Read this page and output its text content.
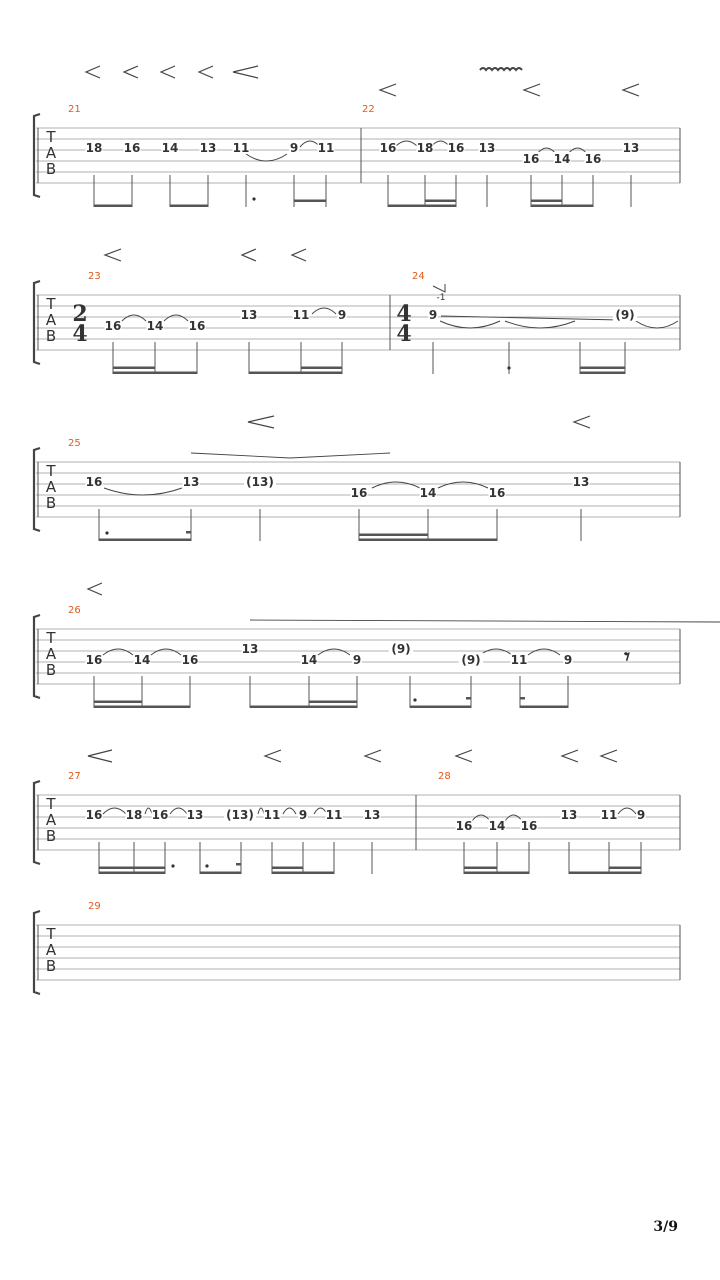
T
A
B
21	22
18 16 14 13 11	9 11	16 18 16 13
16 14 16
13
T
A
B
23	24
2
4
4
4
-1
16 14 16
13	11 9	9	(9)
T
A
B
25
16	13	(13)
16	14	16
13
T
A
B
26
𝄾
16	14	16
13
14	9
(9)
(9) 11	9
T
A
B
27	28
16 18 16 13 (13) 11 9 11 13
16 14 16
13 11 9
T
A
B
29
3/9
